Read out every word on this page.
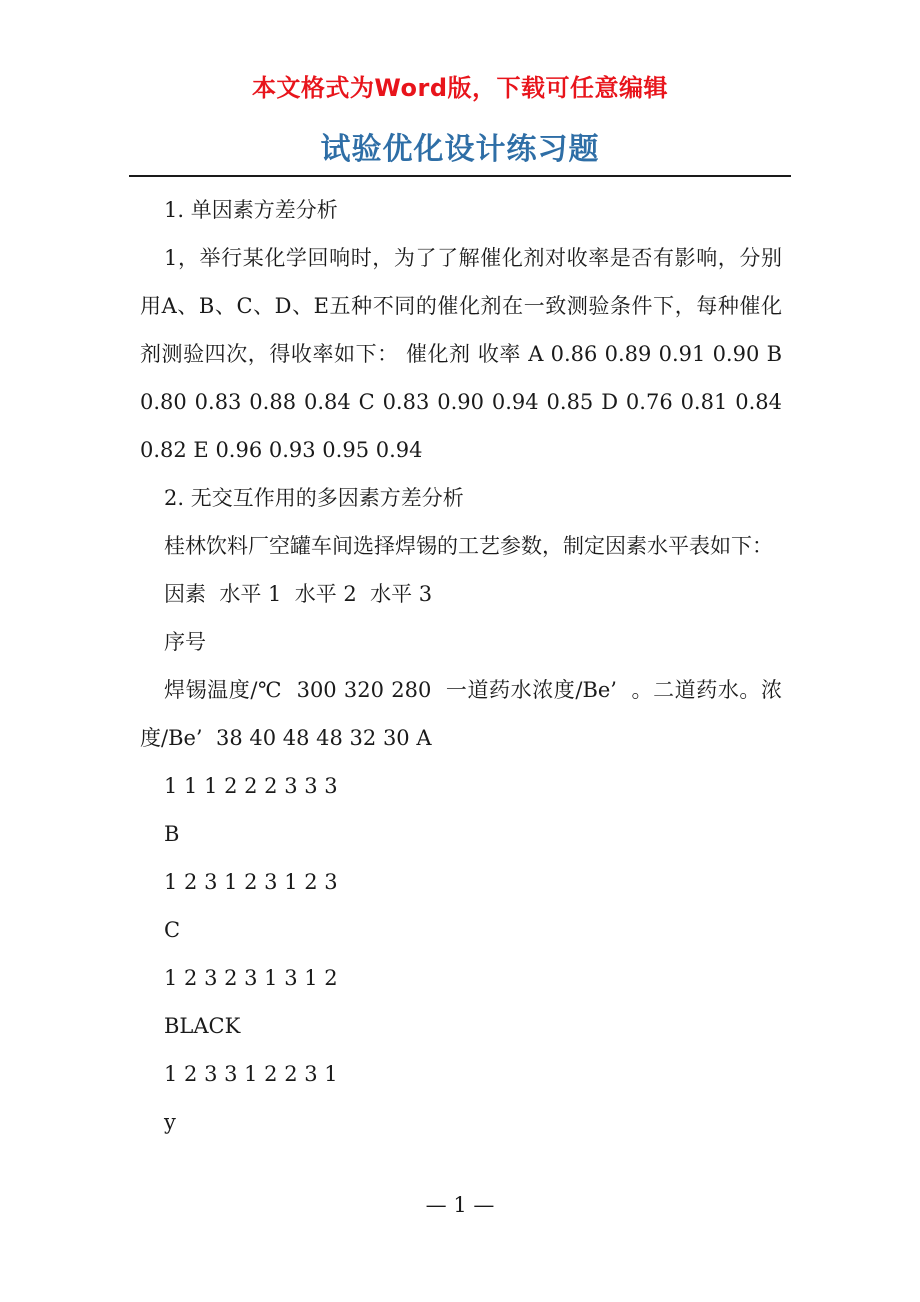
本文格式为Word版，下载可任意编辑
试验优化设计练习题

1. 单因素方差分析

1，举行某化学回响时，为了了解催化剂对收率是否有影响，分别用A、B、C、D、E五种不同的催化剂在一致测验条件下，每种催化剂测验四次，得收率如下： 催化剂 收率 A 0.86 0.89 0.91 0.90 B 0.80 0.83 0.88 0.84 C 0.83 0.90 0.94 0.85 D 0.76 0.81 0.84 0.82 E 0.96 0.93 0.95 0.94

2. 无交互作用的多因素方差分析

桂林饮料厂空罐车间选择焊锡的工艺参数，制定因素水平表如下：

因素  水平 1  水平 2  水平 3

序号

焊锡温度/℃  300 320 280  一道药水浓度/Be’  。二道药水。浓度/Be’  38 40 48 48 32 30 A

1 1 1 2 2 2 3 3 3

B

1 2 3 1 2 3 1 2 3

C

1 2 3 2 3 1 3 1 2

BLACK

1 2 3 3 1 2 2 3 1

y

— 1 —
